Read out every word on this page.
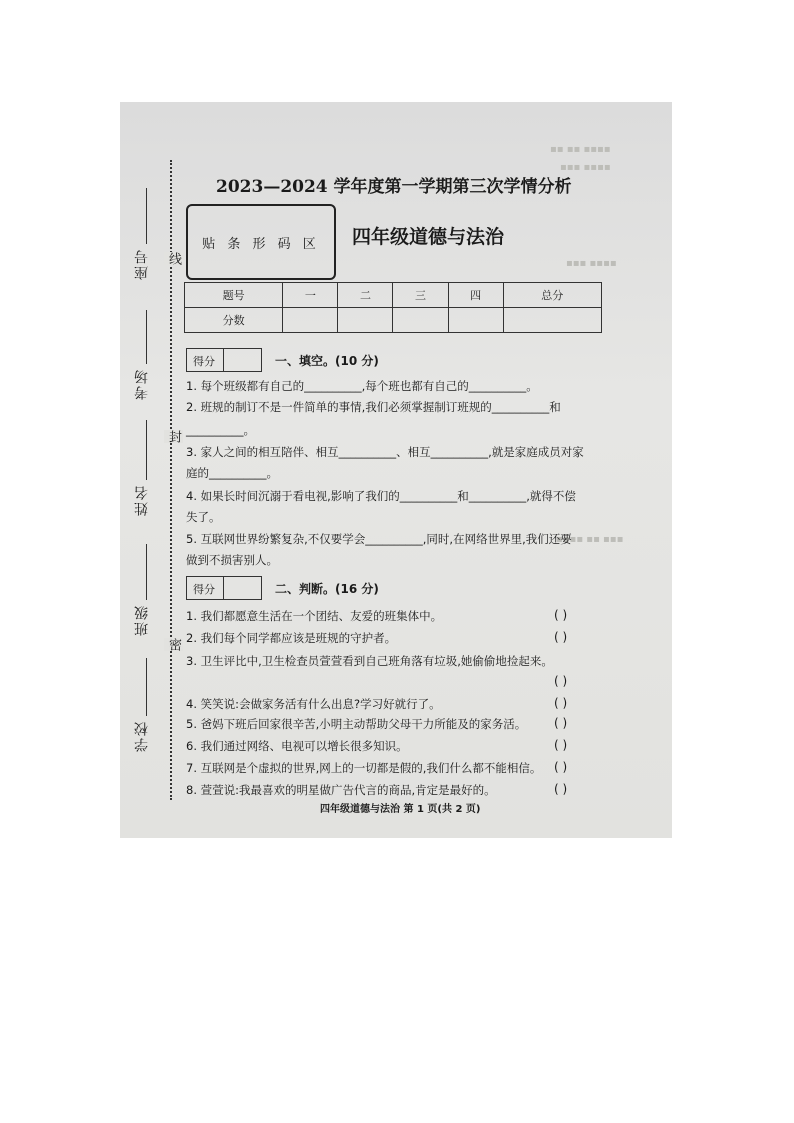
▪▪ ▪▪ ▪▪▪▪
▪▪▪ ▪▪▪▪
▪▪▪ ▪▪▪▪
▪▪▪▪ ▪▪ ▪▪▪
座号
考场
姓名
班级
学校
线
封
密
2023—2024 学年度第一学期第三次学情分析
贴 条 形 码 区	四年级道德与法治
题号	一	二	三	四	总分
分数					
得分	一、填空。(10 分)
1. 每个班级都有自己的__________,每个班也都有自己的__________。
2. 班规的制订不是一件简单的事情,我们必须掌握制订班规的__________和
__________。
3. 家人之间的相互陪伴、相互__________、相互__________,就是家庭成员对家
庭的__________。
4. 如果长时间沉溺于看电视,影响了我们的__________和__________,就得不偿
失了。
5. 互联网世界纷繁复杂,不仅要学会__________,同时,在网络世界里,我们还要
做到不损害别人。
得分	二、判断。(16 分)
1. 我们都愿意生活在一个团结、友爱的班集体中。	( )
2. 我们每个同学都应该是班规的守护者。	( )
3. 卫生评比中,卫生检查员萱萱看到自己班角落有垃圾,她偷偷地捡起来。
( )
4. 笑笑说:会做家务活有什么出息?学习好就行了。	( )
5. 爸妈下班后回家很辛苦,小明主动帮助父母干力所能及的家务活。 ( )
6. 我们通过网络、电视可以增长很多知识。	( )
7. 互联网是个虚拟的世界,网上的一切都是假的,我们什么都不能相信。 ( )
8. 萱萱说:我最喜欢的明星做广告代言的商品,肯定是最好的。	( )
四年级道德与法治 第 1 页(共 2 页)
